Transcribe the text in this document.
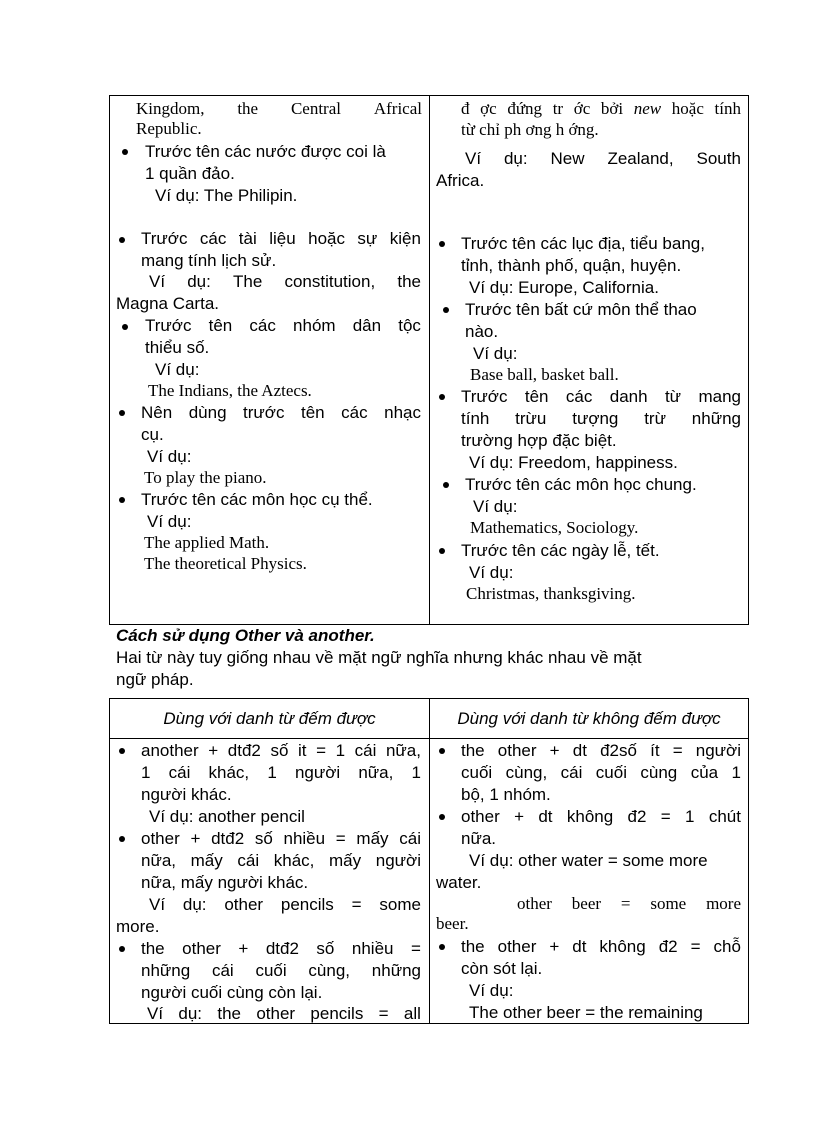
Kingdom, the Central Africal
Republic.
Trước tên các nước được coi là
1 quần đảo.
Ví dụ: The Philipin.
Trước các tài liệu hoặc sự kiện
mang tính lịch sử.
Ví dụ: The constitution, the
Magna Carta.
Trước tên các nhóm dân tộc
thiểu số.
Ví dụ:
The Indians, the Aztecs.
Nên dùng trước tên các nhạc
cụ.
Ví dụ:
To play the piano.
Trước tên các môn học cụ thể.
Ví dụ:
The applied Math.
The theoretical Physics.
đ ợc đứng tr ớc bởi new hoặc tính
từ chỉ ph ơng h ớng.
Ví dụ: New Zealand, South
Africa.
Trước tên các lục địa, tiểu bang,
tỉnh, thành phố, quận, huyện.
Ví dụ: Europe, California.
Trước tên bất cứ môn thể thao
nào.
Ví dụ:
Base ball, basket ball.
Trước tên các danh từ mang
tính trừu tượng trừ những
trường hợp đặc biệt.
Ví dụ: Freedom, happiness.
Trước tên các môn học chung.
Ví dụ:
Mathematics, Sociology.
Trước tên các ngày lễ, tết.
Ví dụ:
Christmas, thanksgiving.
Cách sử dụng Other và another.
Hai từ này tuy giống nhau về mặt ngữ nghĩa nhưng khác nhau về mặt
ngữ pháp.
Dùng với danh từ đếm được	Dùng với danh từ không đếm được
another + dtđ2 số it = 1 cái nữa,
1 cái khác, 1 người nữa, 1
người khác.
Ví dụ: another pencil
other + dtđ2 số nhiều = mấy cái
nữa, mấy cái khác, mấy người
nữa, mấy người khác.
Ví dụ: other pencils = some
more.
the other + dtđ2 số nhiều =
những cái cuối cùng, những
người cuối cùng còn lại.
Ví dụ: the other pencils = all
the other + dt đ2số ít = người
cuối cùng, cái cuối cùng của 1
bộ, 1 nhóm.
other + dt không đ2 = 1 chút
nữa.
Ví dụ: other water = some more
water.
other beer = some more
beer.
the other + dt không đ2 = chỗ
còn sót lại.
Ví dụ:
The other beer = the remaining
